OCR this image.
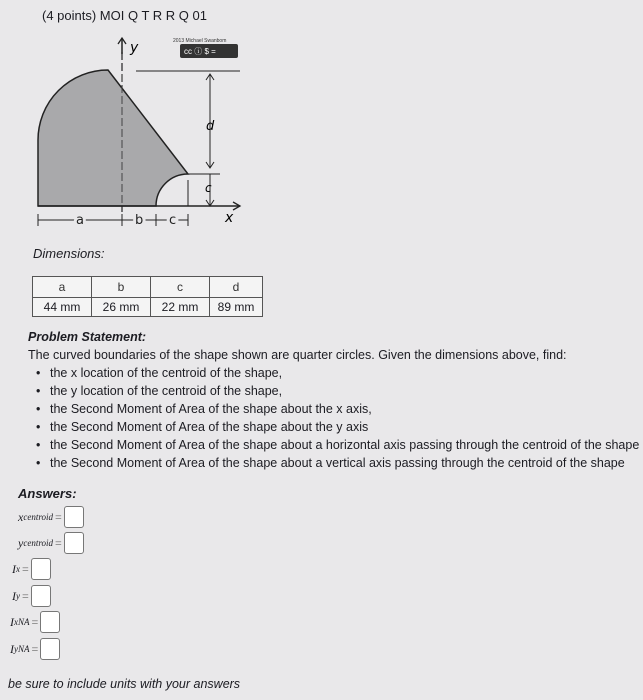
(4 points) MOI Q T R R Q 01
y	2013 Michael Swanbom
cc ⓘ $ =
d
c
x
a	b c
Dimensions:
a	b	c	d
44 mm	26 mm	22 mm	89 mm
Problem Statement:
The curved boundaries of the shape shown are quarter circles. Given the dimensions above, find:
• the x location of the centroid of the shape,
• the y location of the centroid of the shape,
• the Second Moment of Area of the shape about the x axis,
• the Second Moment of Area of the shape about the y axis
• the Second Moment of Area of the shape about a horizontal axis passing through the centroid of the shape
• the Second Moment of Area of the shape about a vertical axis passing through the centroid of the shape
Answers:
x centroid =
y centroid =
I x =
I y =
I xNA =
I yNA =
be sure to include units with your answers
